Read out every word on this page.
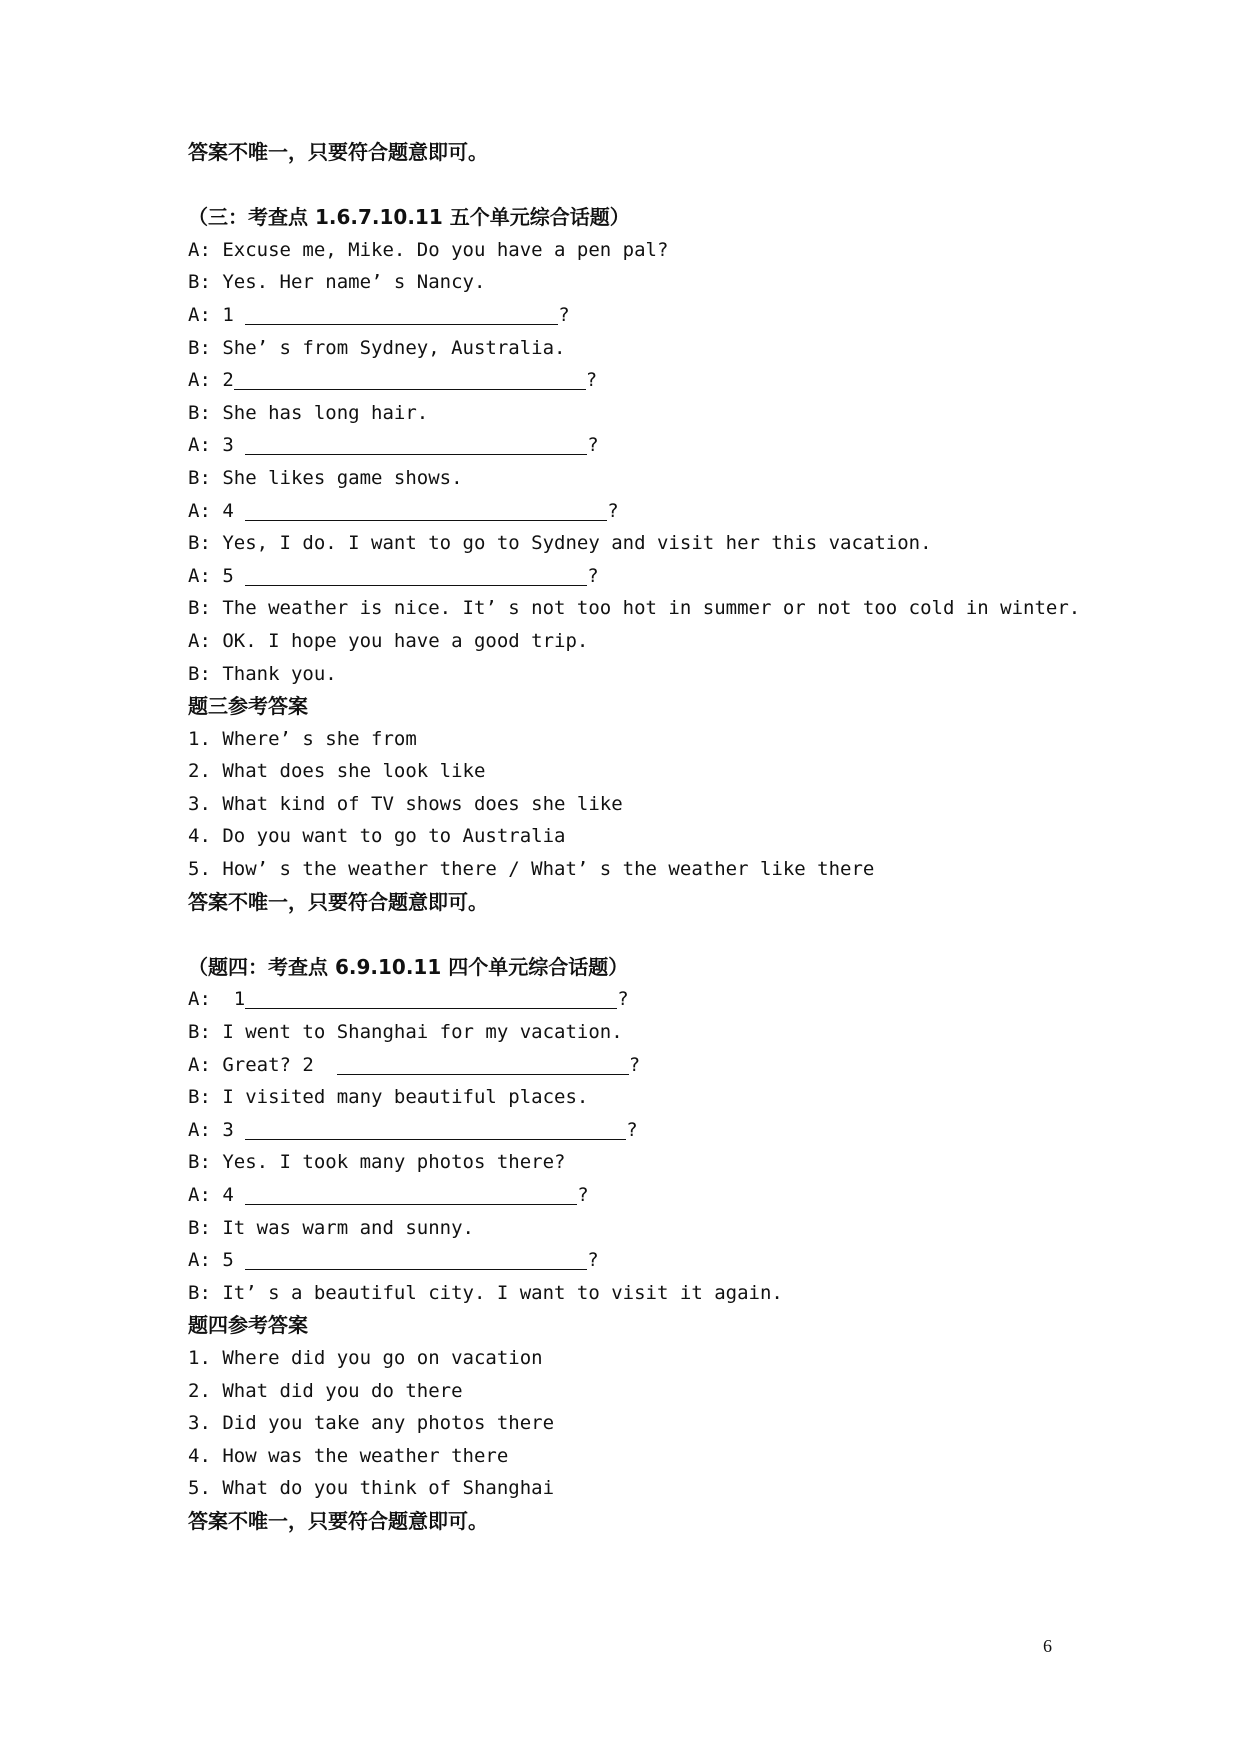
答案不唯一，只要符合题意即可。
（三：考查点 1.6.7.10.11 五个单元综合话题）
A: Excuse me, Mike. Do you have a pen pal?
B: Yes. Her name’ s Nancy.
A: 1	?
B: She’ s from Sydney, Australia.
A: 2	?
B: She has long hair.
A: 3	?
B: She likes game shows.
A: 4	?
B: Yes, I do. I want to go to Sydney and visit her this vacation.
A: 5	?
B: The weather is nice. It’ s not too hot in summer or not too cold in winter.
A: OK. I hope you have a good trip.
B: Thank you.
题三参考答案
1. Where’ s she from
2. What does she look like
3. What kind of TV shows does she like
4. Do you want to go to Australia
5. How’ s the weather there / What’ s the weather like there
答案不唯一，只要符合题意即可。
（题四：考查点 6.9.10.11 四个单元综合话题）
A:  1	?
B: I went to Shanghai for my vacation.
A: Great? 2	?
B: I visited many beautiful places.
A: 3	?
B: Yes. I took many photos there?
A: 4	?
B: It was warm and sunny.
A: 5	?
B: It’ s a beautiful city. I want to visit it again.
题四参考答案
1. Where did you go on vacation
2. What did you do there
3. Did you take any photos there
4. How was the weather there
5. What do you think of Shanghai
答案不唯一，只要符合题意即可。
6
